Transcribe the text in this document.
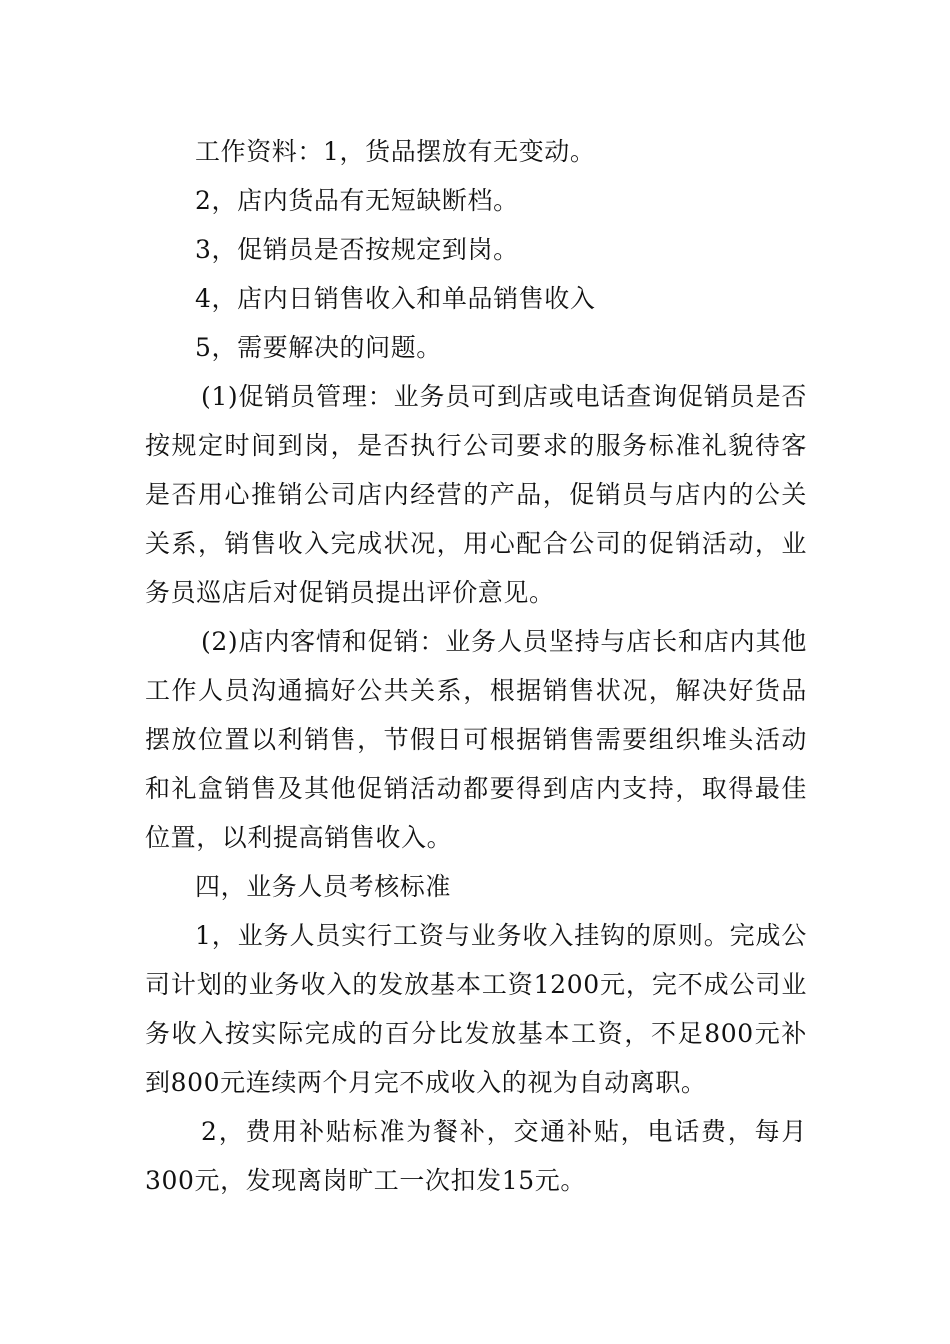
工作资料：1，货品摆放有无变动。

2，店内货品有无短缺断档。

3，促销员是否按规定到岗。

4，店内日销售收入和单品销售收入

5，需要解决的问题。

(1)促销员管理：业务员可到店或电话查询促销员是否按规定时间到岗，是否执行公司要求的服务标准礼貌待客是否用心推销公司店内经营的产品，促销员与店内的公关关系，销售收入完成状况，用心配合公司的促销活动，业务员巡店后对促销员提出评价意见。

(2)店内客情和促销：业务人员坚持与店长和店内其他工作人员沟通搞好公共关系，根据销售状况，解决好货品摆放位置以利销售，节假日可根据销售需要组织堆头活动和礼盒销售及其他促销活动都要得到店内支持，取得最佳位置，以利提高销售收入。

四，业务人员考核标准

1，业务人员实行工资与业务收入挂钩的原则。完成公司计划的业务收入的发放基本工资1200元，完不成公司业务收入按实际完成的百分比发放基本工资，不足800元补到800元连续两个月完不成收入的视为自动离职。

2，费用补贴标准为餐补，交通补贴，电话费，每月300元，发现离岗旷工一次扣发15元。
